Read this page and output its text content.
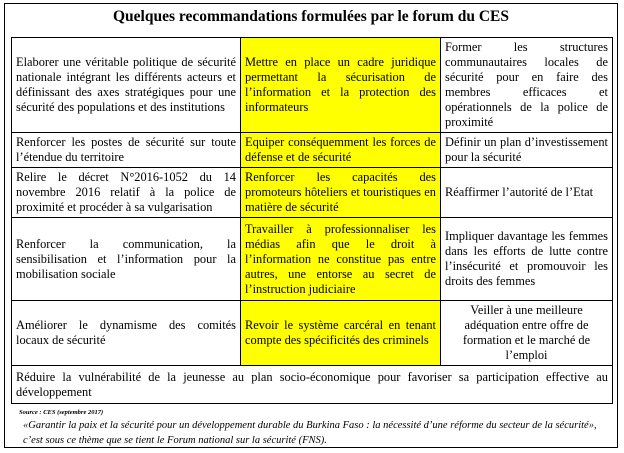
Quelques recommandations formulées par le forum du CES
Elaborer une véritable politique de sécurité nationale intégrant les différents acteurs et définissant des axes stratégiques pour une sécurité des populations et des institutions	Mettre en place un cadre juridique permettant la sécurisation de l’information et la protection des informateurs	Former les structures communautaires locales de sécurité pour en faire des membres efficaces et opérationnels de la police de proximité
Renforcer les postes de sécurité sur toute l’étendue du territoire	Equiper conséquemment les forces de défense et de sécurité	Définir un plan d’investissement pour la sécurité
Relire le décret N°2016-1052 du 14 novembre 2016 relatif à la police de proximité et procéder à sa vulgarisation	Renforcer les capacités des promoteurs hôteliers et touristiques en matière de sécurité	Réaffirmer l’autorité de l’Etat
Renforcer la communication, la sensibilisation et l’information pour la mobilisation sociale	Travailler à professionnaliser les médias afin que le droit à l’information ne constitue pas entre autres, une entorse au secret de l’instruction judiciaire	Impliquer davantage les femmes dans les efforts de lutte contre l’insécurité et promouvoir les droits des femmes
Améliorer le dynamisme des comités locaux de sécurité	Revoir le système carcéral en tenant compte des spécificités des criminels	Veiller à une meilleure adéquation entre offre de formation et le marché de l’emploi
Réduire la vulnérabilité de la jeunesse au plan socio-économique pour favoriser sa participation effective au développement		
Source : CES (septembre 2017)
«Garantir la paix et la sécurité pour un développement durable du Burkina Faso : la nécessité d’une réforme du secteur de la sécurité», c’est sous ce thème que se tient le Forum national sur la sécurité (FNS).
